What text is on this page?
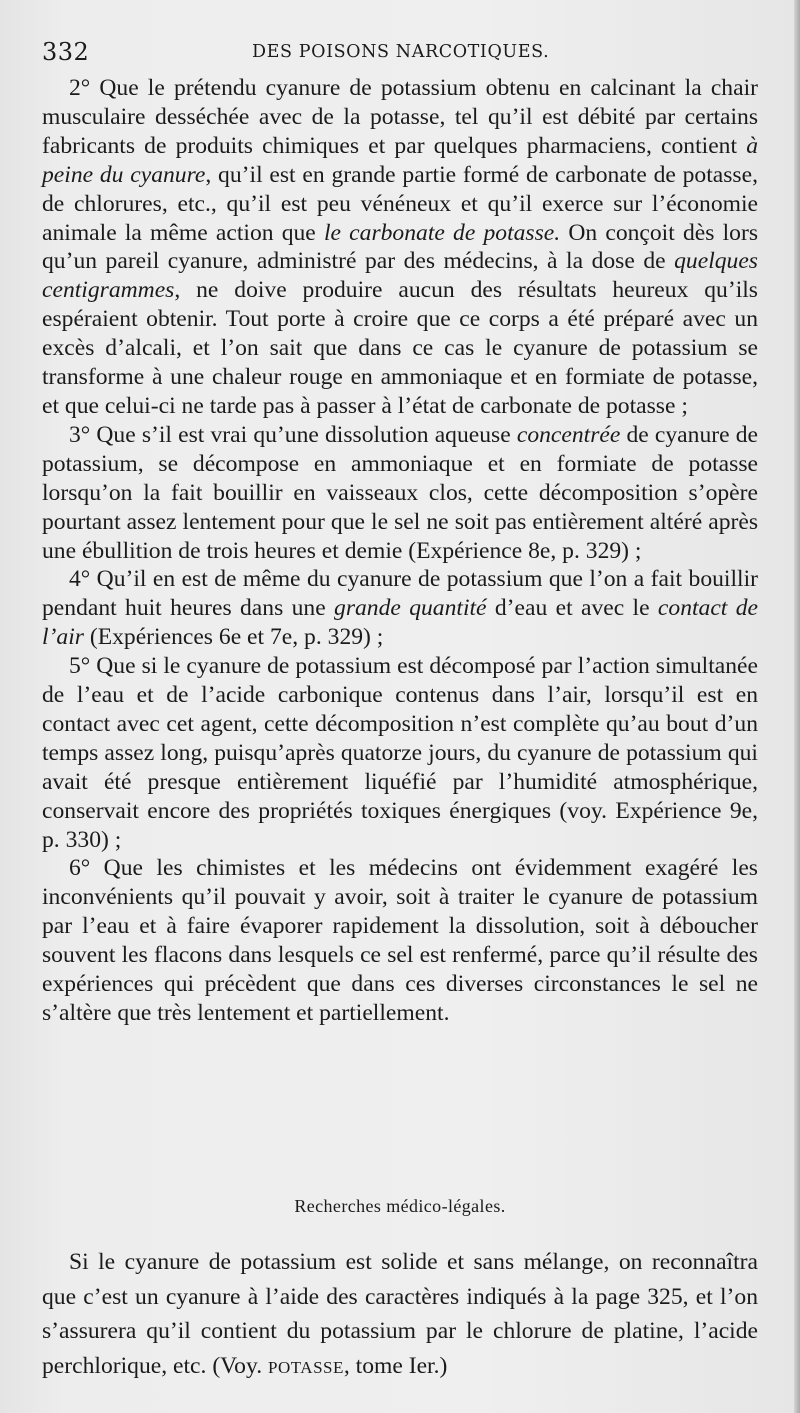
332	DES POISONS NARCOTIQUES.

2° Que le prétendu cyanure de potassium obtenu en calcinant la chair musculaire desséchée avec de la potasse, tel qu’il est débité par certains fabricants de produits chimiques et par quelques pharmaciens, contient à peine du cyanure, qu’il est en grande partie formé de carbonate de potasse, de chlorures, etc., qu’il est peu vénéneux et qu’il exerce sur l’économie animale la même action que le carbonate de potasse. On conçoit dès lors qu’un pareil cyanure, administré par des médecins, à la dose de quelques centigrammes, ne doive produire aucun des résultats heureux qu’ils espéraient obtenir. Tout porte à croire que ce corps a été préparé avec un excès d’alcali, et l’on sait que dans ce cas le cyanure de potassium se transforme à une chaleur rouge en ammoniaque et en formiate de potasse, et que celui-ci ne tarde pas à passer à l’état de carbonate de potasse ;

3° Que s’il est vrai qu’une dissolution aqueuse concentrée de cyanure de potassium, se décompose en ammoniaque et en formiate de potasse lorsqu’on la fait bouillir en vaisseaux clos, cette décomposition s’opère pourtant assez lentement pour que le sel ne soit pas entièrement altéré après une ébullition de trois heures et demie (Expérience 8e, p. 329) ;

4° Qu’il en est de même du cyanure de potassium que l’on a fait bouillir pendant huit heures dans une grande quantité d’eau et avec le contact de l’air (Expériences 6e et 7e, p. 329) ;

5° Que si le cyanure de potassium est décomposé par l’action simultanée de l’eau et de l’acide carbonique contenus dans l’air, lorsqu’il est en contact avec cet agent, cette décomposition n’est complète qu’au bout d’un temps assez long, puisqu’après quatorze jours, du cyanure de potassium qui avait été presque entièrement liquéfié par l’humidité atmosphérique, conservait encore des propriétés toxiques énergiques (voy. Expérience 9e, p. 330) ;

6° Que les chimistes et les médecins ont évidemment exagéré les inconvénients qu’il pouvait y avoir, soit à traiter le cyanure de potassium par l’eau et à faire évaporer rapidement la dissolution, soit à déboucher souvent les flacons dans lesquels ce sel est renfermé, parce qu’il résulte des expériences qui précèdent que dans ces diverses circonstances le sel ne s’altère que très lentement et partiellement.

Recherches médico-légales.

Si le cyanure de potassium est solide et sans mélange, on reconnaîtra que c’est un cyanure à l’aide des caractères indiqués à la page 325, et l’on s’assurera qu’il contient du potassium par le chlorure de platine, l’acide perchlorique, etc. (Voy. potasse, tome Ier.)
